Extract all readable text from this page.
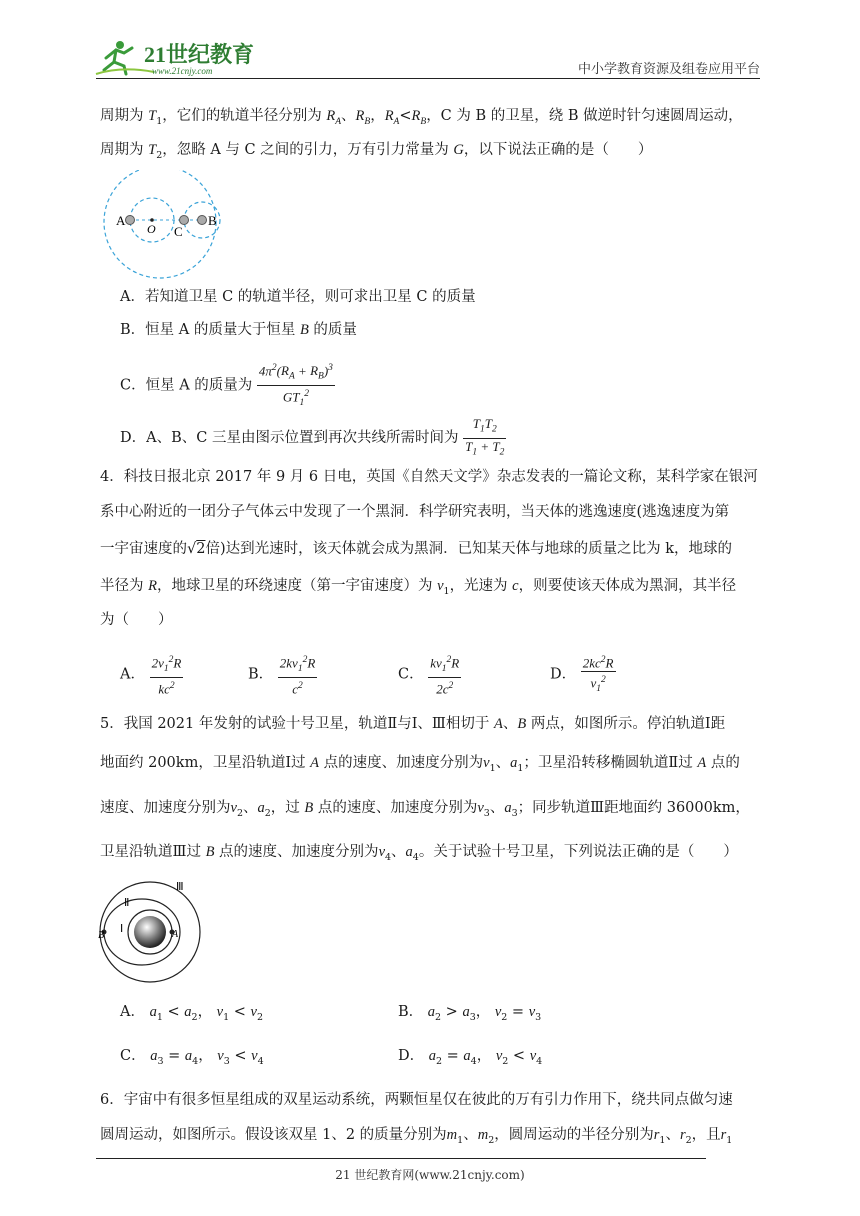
21世纪教育
www.21cnjy.com	中小学教育资源及组卷应用平台
周期为 $T_1$，它们的轨道半径分别为 $R_A$、$R_B$，$R_A<R_B$，C 为 B 的卫星，绕 B 做逆时针匀速圆周运动，
周期为 $T_2$，忽略 A 与 C 之间的引力，万有引力常量为 G，以下说法正确的是（　　）
A
O C
B
A．若知道卫星 C 的轨道半径，则可求出卫星 C 的质量
B．恒星 A 的质量大于恒星 B 的质量
C．恒星 A 的质量为 $\frac{4\pi^2(R_A + R_B)^3}{GT_1^2}$
D．A、B、C 三星由图示位置到再次共线所需时间为 $\frac{T_1T_2}{T_1 + T_2}$
4．科技日报北京 2017 年 9 月 6 日电，英国《自然天文学》杂志发表的一篇论文称，某科学家在银河
系中心附近的一团分子气体云中发现了一个黑洞．科学研究表明，当天体的逃逸速度(逃逸速度为第
一宇宙速度的√2倍)达到光速时，该天体就会成为黑洞．已知某天体与地球的质量之比为 k，地球的
半径为 R，地球卫星的环绕速度（第一宇宙速度）为 $v_1$，光速为 c，则要使该天体成为黑洞，其半径
为（　　）
A． $\frac{2v_1^2R}{kc^2}$	B． $\frac{2kv_1^2R}{c^2}$	C． $\frac{kv_1^2R}{2c^2}$	D． $\frac{2kc^2R}{v_1^2}$
5．我国 2021 年发射的试验十号卫星，轨道Ⅱ与Ⅰ、Ⅲ相切于 A、B 两点，如图所示。停泊轨道Ⅰ距
地面约 200km，卫星沿轨道Ⅰ过 A 点的速度、加速度分别为$v_1$、$a_1$；卫星沿转移椭圆轨道Ⅱ过 A 点的
速度、加速度分别为$v_2$、$a_2$，过 B 点的速度、加速度分别为$v_3$、$a_3$；同步轨道Ⅲ距地面约 36000km，
卫星沿轨道Ⅲ过 B 点的速度、加速度分别为$v_4$、$a_4$。关于试验十号卫星，下列说法正确的是（　　）
Ⅲ
Ⅱ
Ⅰ
B	A
A． $a_1 < a_2$， $v_1 < v_2$	B． $a_2 > a_3$， $v_2 = v_3$
C． $a_3 = a_4$， $v_3 < v_4$	D． $a_2 = a_4$， $v_2 < v_4$
6．宇宙中有很多恒星组成的双星运动系统，两颗恒星仅在彼此的万有引力作用下，绕共同点做匀速
圆周运动，如图所示。假设该双星 1、2 的质量分别为$m_1$、$m_2$，圆周运动的半径分别为$r_1$、$r_2$，且$r_1$
21 世纪教育网(www.21cnjy.com)
